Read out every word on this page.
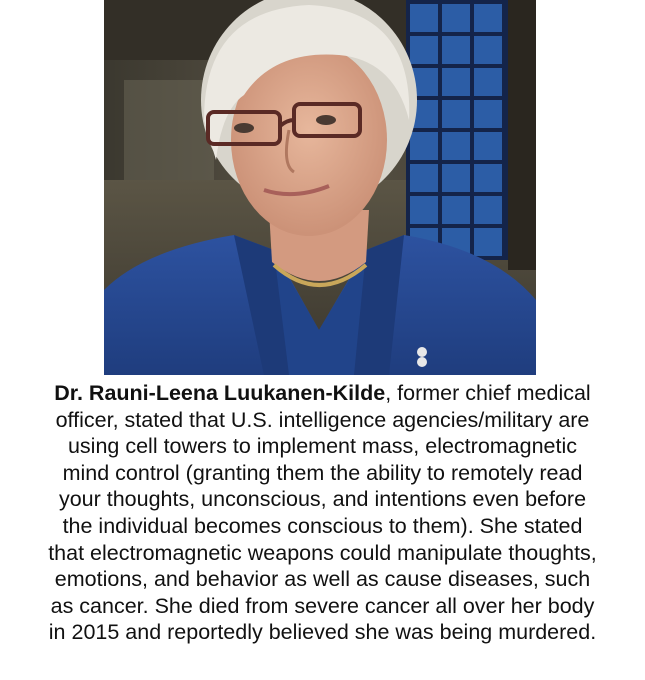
Dr. Rauni-Leena Luukanen-Kilde, former chief medical
officer, stated that U.S. intelligence agencies/military are
using cell towers to implement mass, electromagnetic
mind control (granting them the ability to remotely read
your thoughts, unconscious, and intentions even before
the individual becomes conscious to them). She stated
that electromagnetic weapons could manipulate thoughts,
emotions, and behavior as well as cause diseases, such
as cancer. She died from severe cancer all over her body
in 2015 and reportedly believed she was being murdered.
